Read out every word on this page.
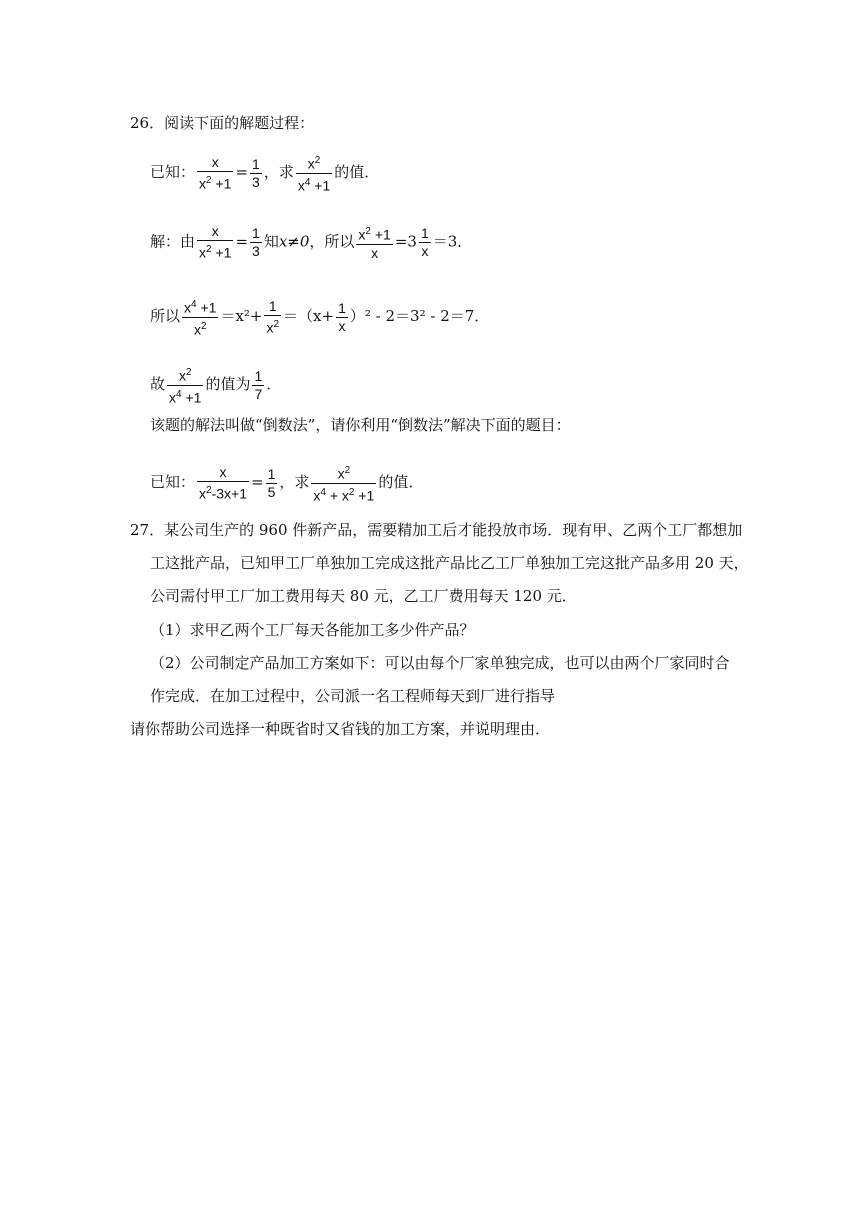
26．阅读下面的解题过程：
已知： $\frac{x}{x^2 +1} = \frac{1}{3}$ ，求 $\frac{x^2}{x^4 +1}$ 的值．
解：由 $\frac{x}{x^2 +1} = \frac{1}{3}$ 知x≠0，所以 $\frac{x^2 +1}{x} =3 \frac{1}{x} =3$．
所以 $\frac{x^4 +1}{x^2} =x^2+ \frac{1}{x^2} =(x+ \frac{1}{x} )^2 - 2=3^2 - 2=7$．
故 $\frac{x^2}{x^4 +1}$ 的值为 $\frac{1}{7}$ ．
该题的解法叫做“倒数法”，请你利用“倒数法”解决下面的题目：
已知： $\frac{x}{x^2-3x+1} = \frac{1}{5}$ ，求 $\frac{x^2}{x^4 + x^2 +1}$ 的值．
27．某公司生产的 960 件新产品，需要精加工后才能投放市场．现有甲、乙两个工厂都想加
工这批产品，已知甲工厂单独加工完成这批产品比乙工厂单独加工完这批产品多用 20 天，
公司需付甲工厂加工费用每天 80 元，乙工厂费用每天 120 元．
（1）求甲乙两个工厂每天各能加工多少件产品？
（2）公司制定产品加工方案如下：可以由每个厂家单独完成，也可以由两个厂家同时合
作完成．在加工过程中，公司派一名工程师每天到厂进行指导
请你帮助公司选择一种既省时又省钱的加工方案，并说明理由．
